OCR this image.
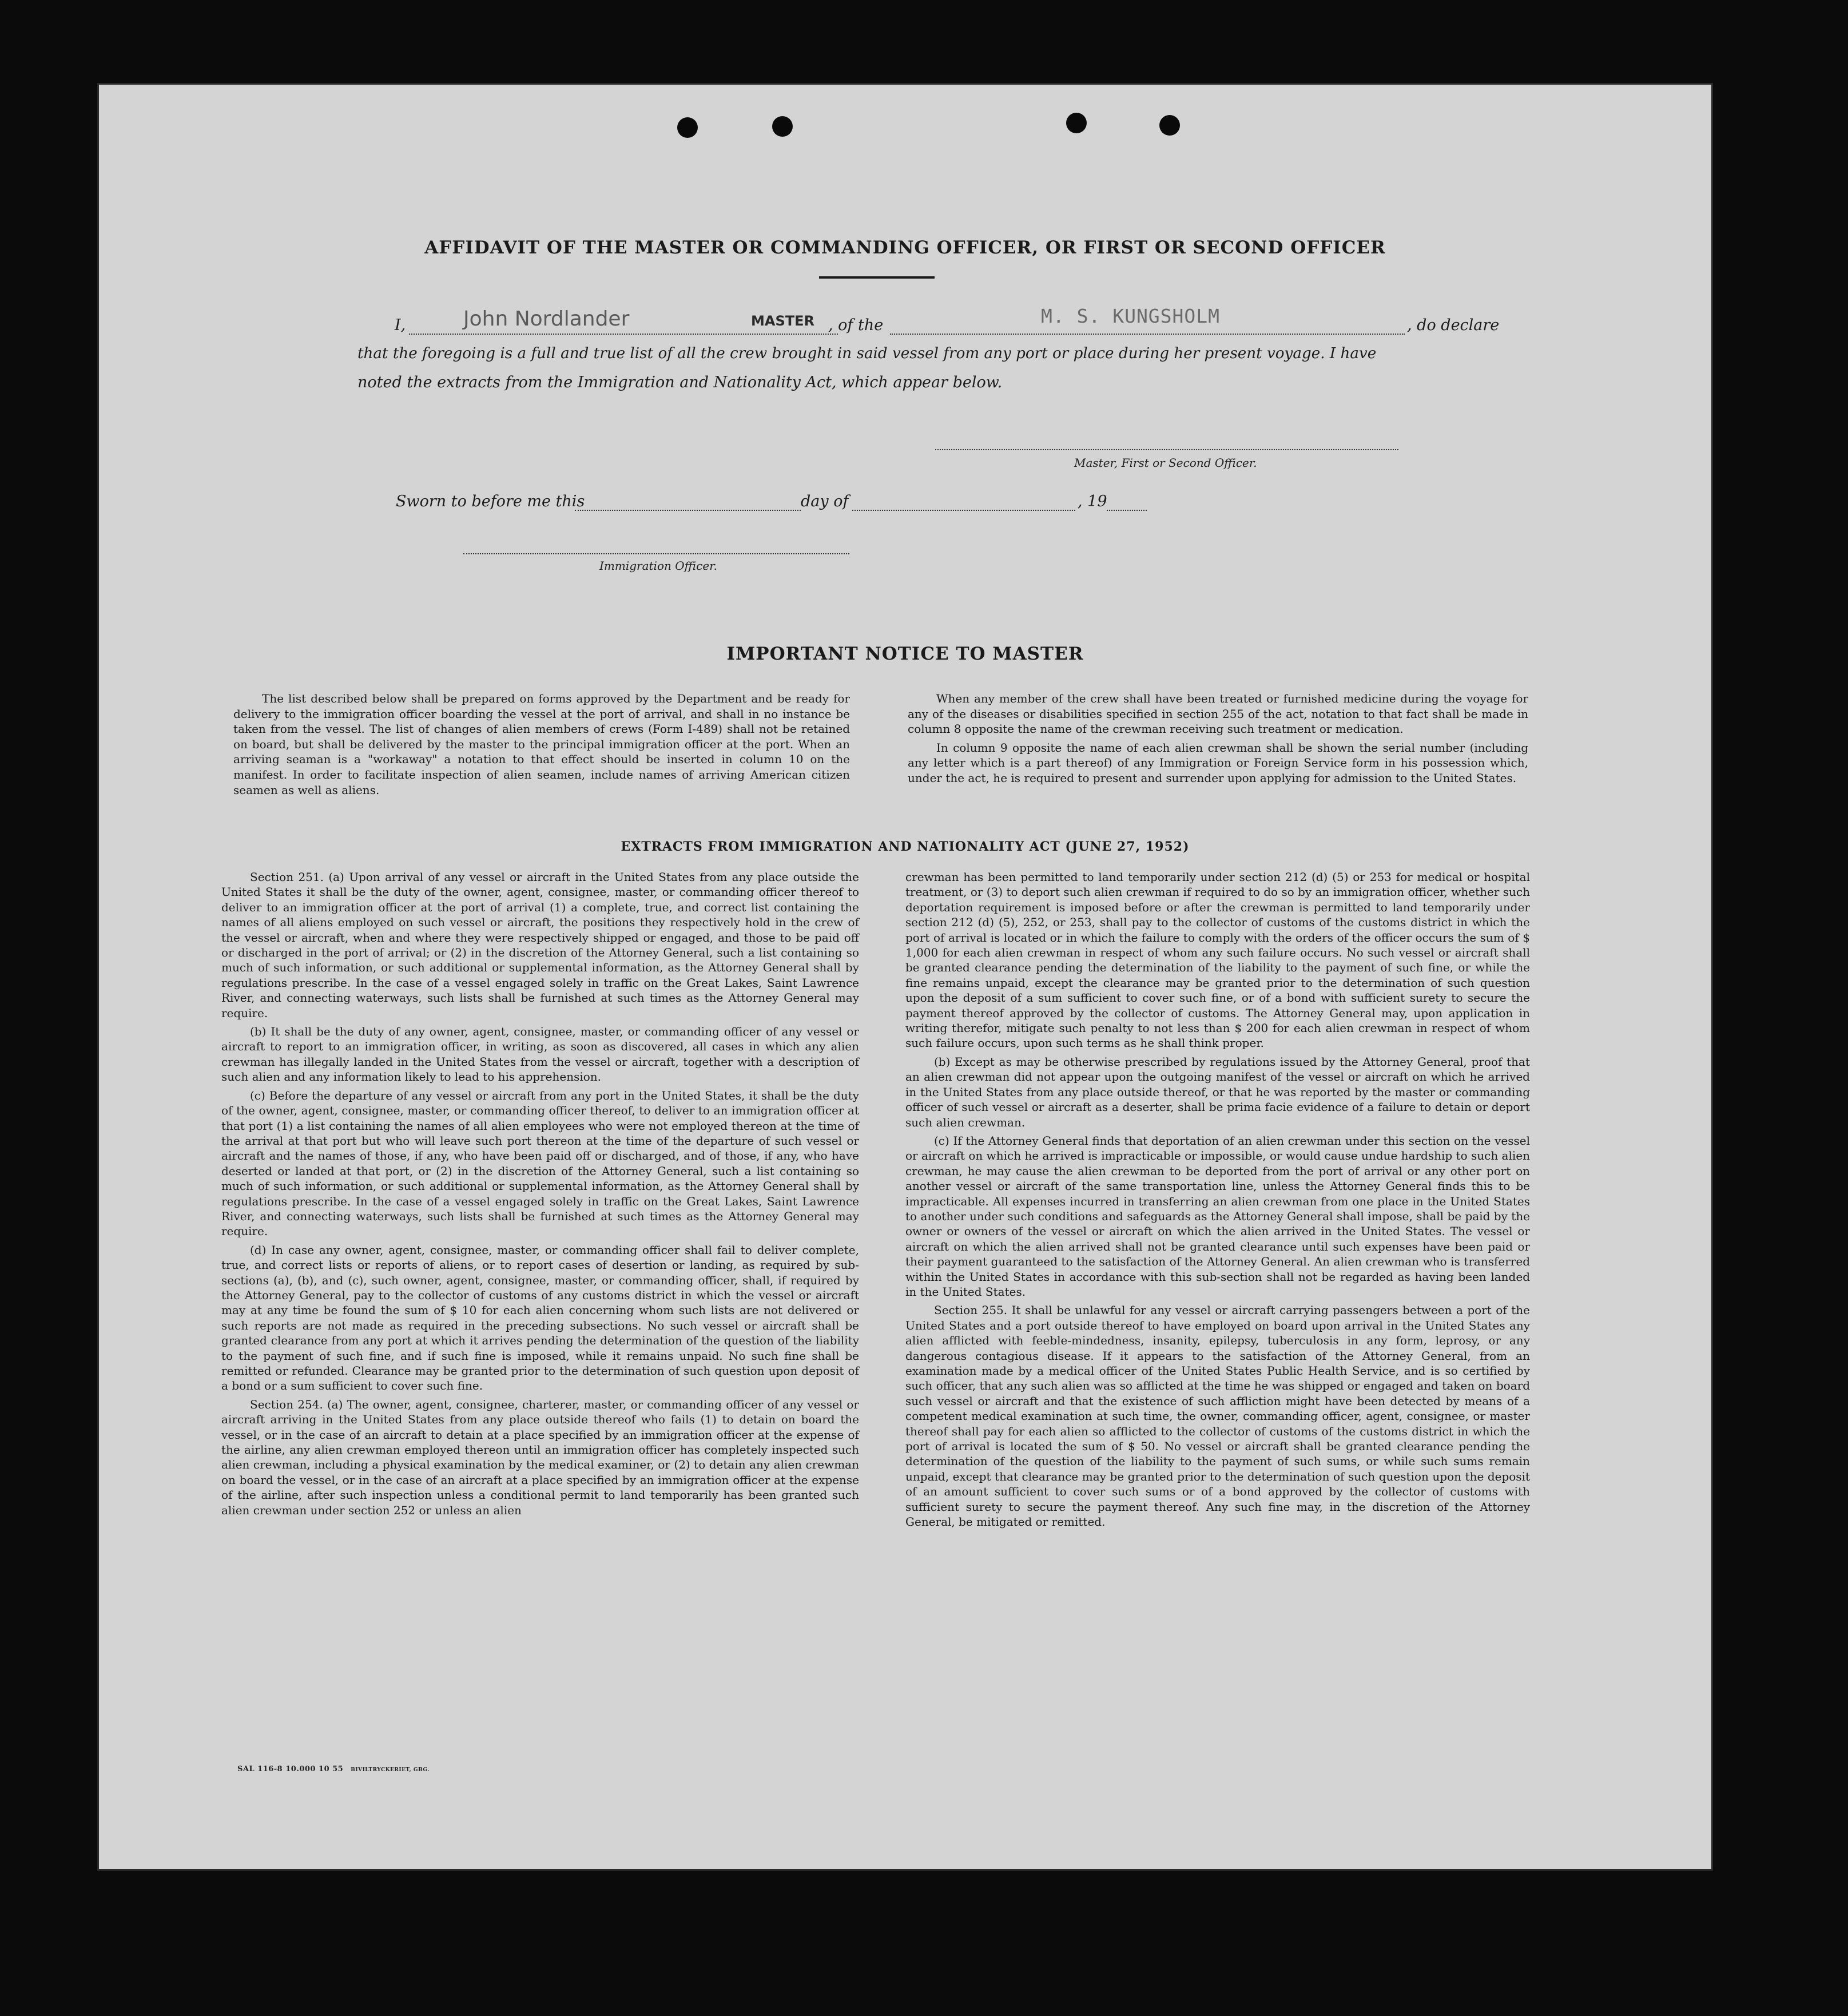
AFFIDAVIT OF THE MASTER OR COMMANDING OFFICER, OR FIRST OR SECOND OFFICER
I,	John Nordlander	MASTER , of the	M. S. KUNGSHOLM	, do declare
that the foregoing is a full and true list of all the crew brought in said vessel from any port or place during her present voyage. I have
noted the extracts from the Immigration and Nationality Act, which appear below.
Master, First or Second Officer.
Sworn to before me this	day of	, 19
Immigration Officer.
IMPORTANT NOTICE TO MASTER

The list described below shall be prepared on forms approved by the Department and be ready for delivery to the immigration officer boarding the vessel at the port of arrival, and shall in no instance be taken from the vessel. The list of changes of alien members of crews (Form I-489) shall not be retained on board, but shall be delivered by the master to the principal immigration officer at the port. When an arriving seaman is a "workaway" a notation to that effect should be inserted in column 10 on the manifest. In order to facilitate inspection of alien seamen, include names of arriving American citizen seamen as well as aliens.

When any member of the crew shall have been treated or furnished medicine during the voyage for any of the diseases or disabilities specified in section 255 of the act, notation to that fact shall be made in column 8 opposite the name of the crewman receiving such treatment or medication.

In column 9 opposite the name of each alien crewman shall be shown the serial number (including any letter which is a part thereof) of any Immigration or Foreign Service form in his possession which, under the act, he is required to present and surrender upon applying for admission to the United States.

EXTRACTS FROM IMMIGRATION AND NATIONALITY ACT (JUNE 27, 1952)

Section 251. (a) Upon arrival of any vessel or aircraft in the United States from any place outside the United States it shall be the duty of the owner, agent, consignee, master, or commanding officer thereof to deliver to an immigration officer at the port of arrival (1) a complete, true, and correct list containing the names of all aliens employed on such vessel or aircraft, the positions they respectively hold in the crew of the vessel or aircraft, when and where they were respectively shipped or engaged, and those to be paid off or discharged in the port of arrival; or (2) in the discretion of the Attorney General, such a list containing so much of such information, or such additional or supplemental information, as the Attorney General shall by regulations prescribe. In the case of a vessel engaged solely in traffic on the Great Lakes, Saint Lawrence River, and connecting waterways, such lists shall be furnished at such times as the Attorney General may require.

(b) It shall be the duty of any owner, agent, consignee, master, or commanding officer of any vessel or aircraft to report to an immigration officer, in writing, as soon as discovered, all cases in which any alien crewman has illegally landed in the United States from the vessel or aircraft, together with a description of such alien and any information likely to lead to his apprehension.

(c) Before the departure of any vessel or aircraft from any port in the United States, it shall be the duty of the owner, agent, consignee, master, or commanding officer thereof, to deliver to an immigration officer at that port (1) a list containing the names of all alien employees who were not employed thereon at the time of the arrival at that port but who will leave such port thereon at the time of the departure of such vessel or aircraft and the names of those, if any, who have been paid off or discharged, and of those, if any, who have deserted or landed at that port, or (2) in the discretion of the Attorney General, such a list containing so much of such information, or such additional or supplemental information, as the Attorney General shall by regulations prescribe. In the case of a vessel engaged solely in traffic on the Great Lakes, Saint Lawrence River, and connecting waterways, such lists shall be furnished at such times as the Attorney General may require.

(d) In case any owner, agent, consignee, master, or commanding officer shall fail to deliver complete, true, and correct lists or reports of aliens, or to report cases of desertion or landing, as required by sub-sections (a), (b), and (c), such owner, agent, consignee, master, or commanding officer, shall, if required by the Attorney General, pay to the collector of customs of any customs district in which the vessel or aircraft may at any time be found the sum of $ 10 for each alien concerning whom such lists are not delivered or such reports are not made as required in the preceding subsections. No such vessel or aircraft shall be granted clearance from any port at which it arrives pending the determination of the question of the liability to the payment of such fine, and if such fine is imposed, while it remains unpaid. No such fine shall be remitted or refunded. Clearance may be granted prior to the determination of such question upon deposit of a bond or a sum sufficient to cover such fine.

Section 254. (a) The owner, agent, consignee, charterer, master, or commanding officer of any vessel or aircraft arriving in the United States from any place outside thereof who fails (1) to detain on board the vessel, or in the case of an aircraft to detain at a place specified by an immigration officer at the expense of the airline, any alien crewman employed thereon until an immigration officer has completely inspected such alien crewman, including a physical examination by the medical examiner, or (2) to detain any alien crewman on board the vessel, or in the case of an aircraft at a place specified by an immigration officer at the expense of the airline, after such inspection unless a conditional permit to land temporarily has been granted such alien crewman under section 252 or unless an alien

crewman has been permitted to land temporarily under section 212 (d) (5) or 253 for medical or hospital treatment, or (3) to deport such alien crewman if required to do so by an immigration officer, whether such deportation requirement is imposed before or after the crewman is permitted to land temporarily under section 212 (d) (5), 252, or 253, shall pay to the collector of customs of the customs district in which the port of arrival is located or in which the failure to comply with the orders of the officer occurs the sum of $ 1,000 for each alien crewman in respect of whom any such failure occurs. No such vessel or aircraft shall be granted clearance pending the determination of the liability to the payment of such fine, or while the fine remains unpaid, except the clearance may be granted prior to the determination of such question upon the deposit of a sum sufficient to cover such fine, or of a bond with sufficient surety to secure the payment thereof approved by the collector of customs. The Attorney General may, upon application in writing therefor, mitigate such penalty to not less than $ 200 for each alien crewman in respect of whom such failure occurs, upon such terms as he shall think proper.

(b) Except as may be otherwise prescribed by regulations issued by the Attorney General, proof that an alien crewman did not appear upon the outgoing manifest of the vessel or aircraft on which he arrived in the United States from any place outside thereof, or that he was reported by the master or commanding officer of such vessel or aircraft as a deserter, shall be prima facie evidence of a failure to detain or deport such alien crewman.

(c) If the Attorney General finds that deportation of an alien crewman under this section on the vessel or aircraft on which he arrived is impracticable or impossible, or would cause undue hardship to such alien crewman, he may cause the alien crewman to be deported from the port of arrival or any other port on another vessel or aircraft of the same transportation line, unless the Attorney General finds this to be impracticable. All expenses incurred in transferring an alien crewman from one place in the United States to another under such conditions and safeguards as the Attorney General shall impose, shall be paid by the owner or owners of the vessel or aircraft on which the alien arrived in the United States. The vessel or aircraft on which the alien arrived shall not be granted clearance until such expenses have been paid or their payment guaranteed to the satisfaction of the Attorney General. An alien crewman who is transferred within the United States in accordance with this sub-section shall not be regarded as having been landed in the United States.

Section 255. It shall be unlawful for any vessel or aircraft carrying passengers between a port of the United States and a port outside thereof to have employed on board upon arrival in the United States any alien afflicted with feeble-mindedness, insanity, epilepsy, tuberculosis in any form, leprosy, or any dangerous contagious disease. If it appears to the satisfaction of the Attorney General, from an examination made by a medical officer of the United States Public Health Service, and is so certified by such officer, that any such alien was so afflicted at the time he was shipped or engaged and taken on board such vessel or aircraft and that the existence of such affliction might have been detected by means of a competent medical examination at such time, the owner, commanding officer, agent, consignee, or master thereof shall pay for each alien so afflicted to the collector of customs of the customs district in which the port of arrival is located the sum of $ 50. No vessel or aircraft shall be granted clearance pending the determination of the question of the liability to the payment of such sums, or while such sums remain unpaid, except that clearance may be granted prior to the determination of such question upon the deposit of an amount sufficient to cover such sums or of a bond approved by the collector of customs with sufficient surety to secure the payment thereof. Any such fine may, in the discretion of the Attorney General, be mitigated or remitted.

SAL 116-8 10.000 10 55 BIVILTRYCKERIET, GBG.
